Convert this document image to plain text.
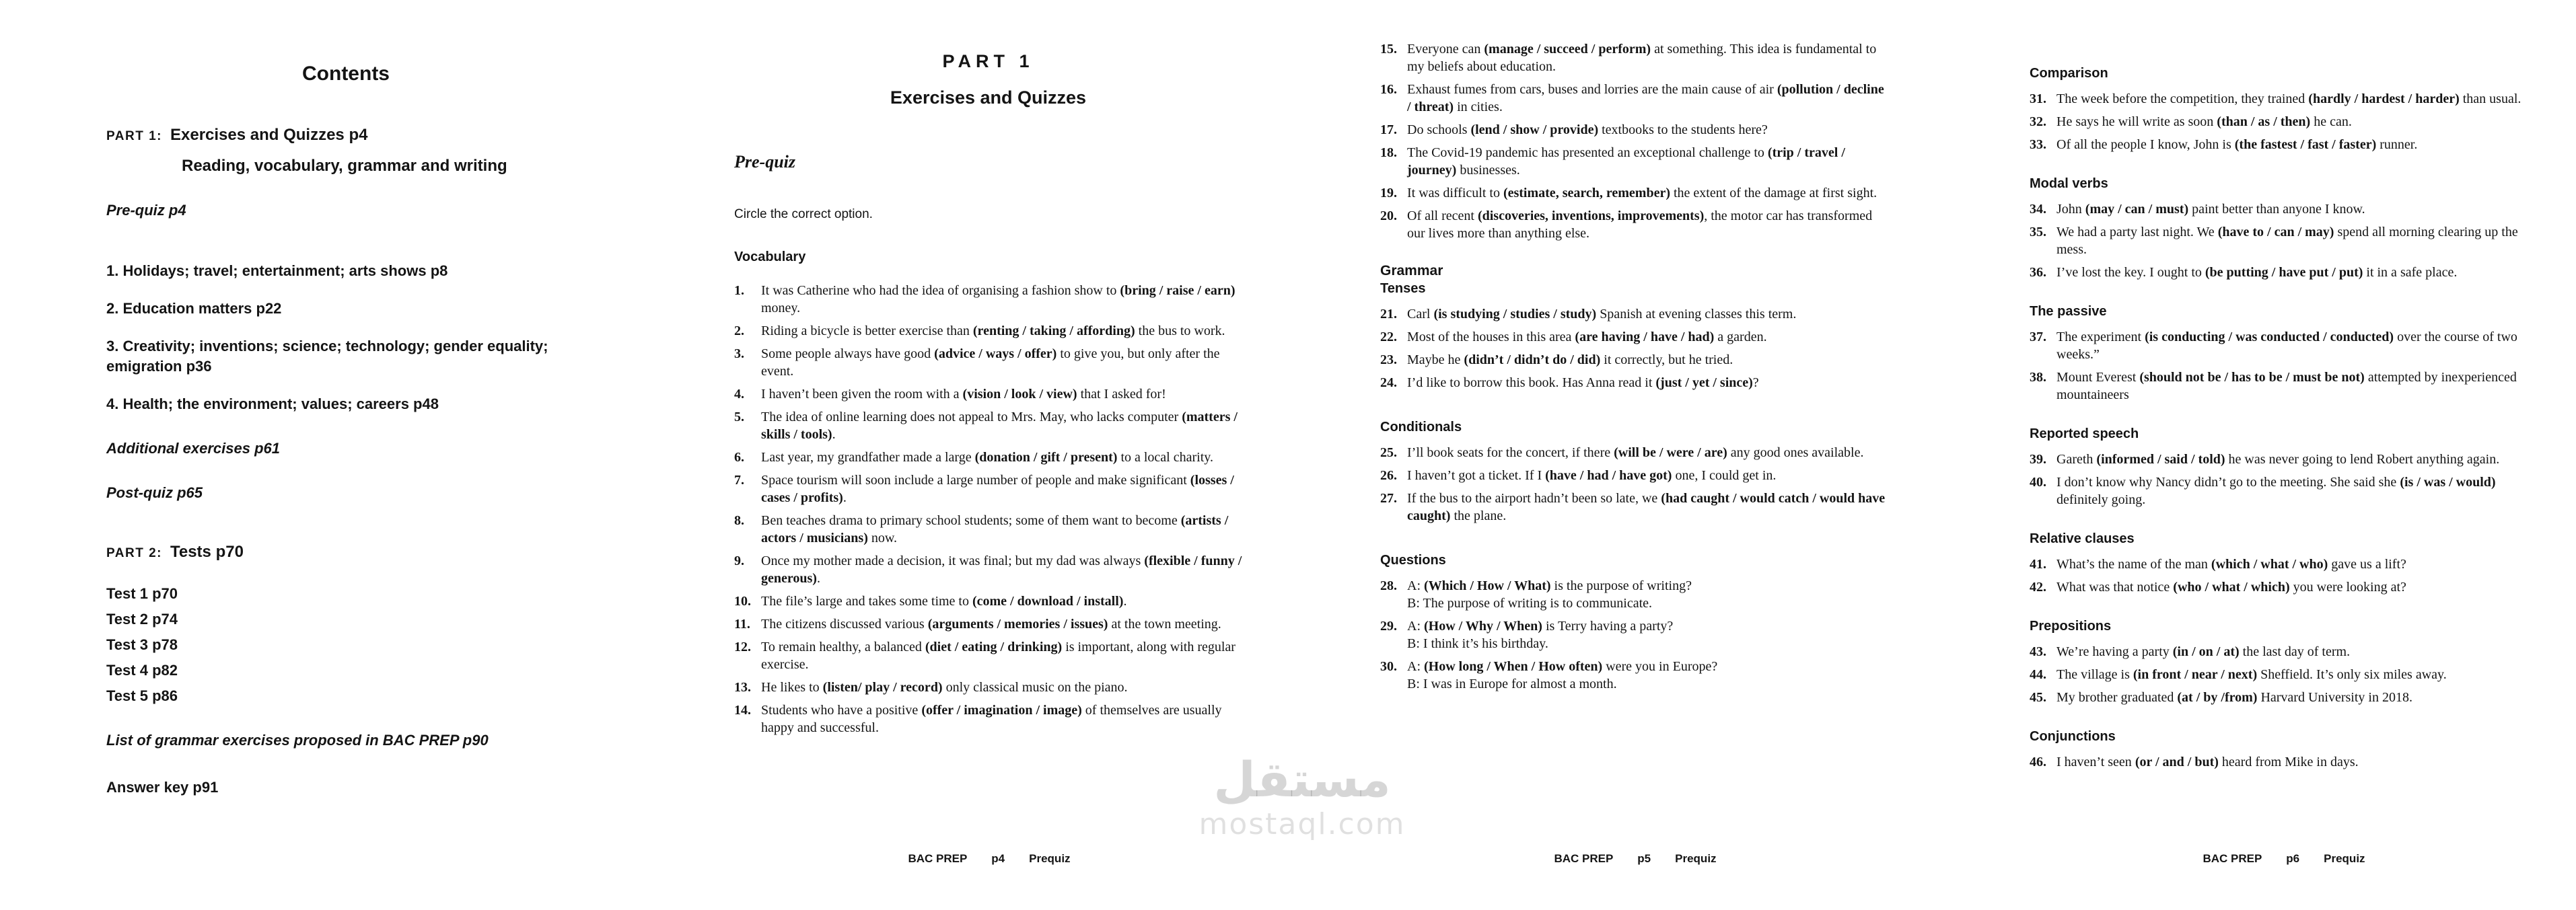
Contents
PART 1: Exercises and Quizzes p4
Reading, vocabulary, grammar and writing
Pre-quiz p4
1. Holidays; travel; entertainment; arts shows p8
2. Education matters p22
3. Creativity; inventions; science; technology; gender equality; emigration p36
4. Health; the environment; values; careers p48
Additional exercises p61
Post-quiz p65
PART 2: Tests p70
Test 1 p70
Test 2 p74
Test 3 p78
Test 4 p82
Test 5 p86
List of grammar exercises proposed in BAC PREP p90
Answer key p91
PART 1
Exercises and Quizzes
Pre-quiz
Circle the correct option.
Vocabulary
1. It was Catherine who had the idea of organising a fashion show to (bring / raise / earn) money.
2. Riding a bicycle is better exercise than (renting / taking / affording) the bus to work.
3. Some people always have good (advice / ways / offer) to give you, but only after the event.
4. I haven’t been given the room with a (vision / look / view) that I asked for!
5. The idea of online learning does not appeal to Mrs. May, who lacks computer (matters / skills / tools).
6. Last year, my grandfather made a large (donation / gift / present) to a local charity.
7. Space tourism will soon include a large number of people and make significant (losses / cases / profits).
8. Ben teaches drama to primary school students; some of them want to become (artists / actors / musicians) now.
9. Once my mother made a decision, it was final; but my dad was always (flexible / funny / generous).
10. The file’s large and takes some time to (come / download / install).
11. The citizens discussed various (arguments / memories / issues) at the town meeting.
12. To remain healthy, a balanced (diet / eating / drinking) is important, along with regular exercise.
13. He likes to (listen/ play / record) only classical music on the piano.
14. Students who have a positive (offer / imagination / image) of themselves are usually happy and successful.
15. Everyone can (manage / succeed / perform) at something. This idea is fundamental to my beliefs about education.
16. Exhaust fumes from cars, buses and lorries are the main cause of air (pollution / decline / threat) in cities.
17. Do schools (lend / show / provide) textbooks to the students here?
18. The Covid-19 pandemic has presented an exceptional challenge to (trip / travel / journey) businesses.
19. It was difficult to (estimate, search, remember) the extent of the damage at first sight.
20. Of all recent (discoveries, inventions, improvements), the motor car has transformed our lives more than anything else.
Grammar
Tenses
21. Carl (is studying / studies / study) Spanish at evening classes this term.
22. Most of the houses in this area (are having / have / had) a garden.
23. Maybe he (didn’t / didn’t do / did) it correctly, but he tried.
24. I’d like to borrow this book. Has Anna read it (just / yet / since)?
Conditionals
25. I’ll book seats for the concert, if there (will be / were / are) any good ones available.
26. I haven’t got a ticket. If I (have / had / have got) one, I could get in.
27. If the bus to the airport hadn’t been so late, we (had caught / would catch / would have caught) the plane.
Questions
28. A: (Which / How / What) is the purpose of writing?
B: The purpose of writing is to communicate.
29. A: (How / Why / When) is Terry having a party?
B: I think it’s his birthday.
30. A: (How long / When / How often) were you in Europe?
B: I was in Europe for almost a month.
Comparison
31. The week before the competition, they trained (hardly / hardest / harder) than usual.
32. He says he will write as soon (than / as / then) he can.
33. Of all the people I know, John is (the fastest / fast / faster) runner.
Modal verbs
34. John (may / can / must) paint better than anyone I know.
35. We had a party last night. We (have to / can / may) spend all morning clearing up the mess.
36. I’ve lost the key. I ought to (be putting / have put / put) it in a safe place.
The passive
37. The experiment (is conducting / was conducted / conducted) over the course of two weeks.”
38. Mount Everest (should not be / has to be / must be not) attempted by inexperienced mountaineers
Reported speech
39. Gareth (informed / said / told) he was never going to lend Robert anything again.
40. I don’t know why Nancy didn’t go to the meeting. She said she (is / was / would) definitely going.
Relative clauses
41. What’s the name of the man (which / what / who) gave us a lift?
42. What was that notice (who / what / which) you were looking at?
Prepositions
43. We’re having a party (in / on / at) the last day of term.
44. The village is (in front / near / next) Sheffield. It’s only six miles away.
45. My brother graduated (at / by /from) Harvard University in 2018.
Conjunctions
46. I haven’t seen (or / and / but) heard from Mike in days.
BAC PREP p4 Prequiz	BAC PREP p5 Prequiz	BAC PREP p6 Prequiz
مستقل
mostaql.com
